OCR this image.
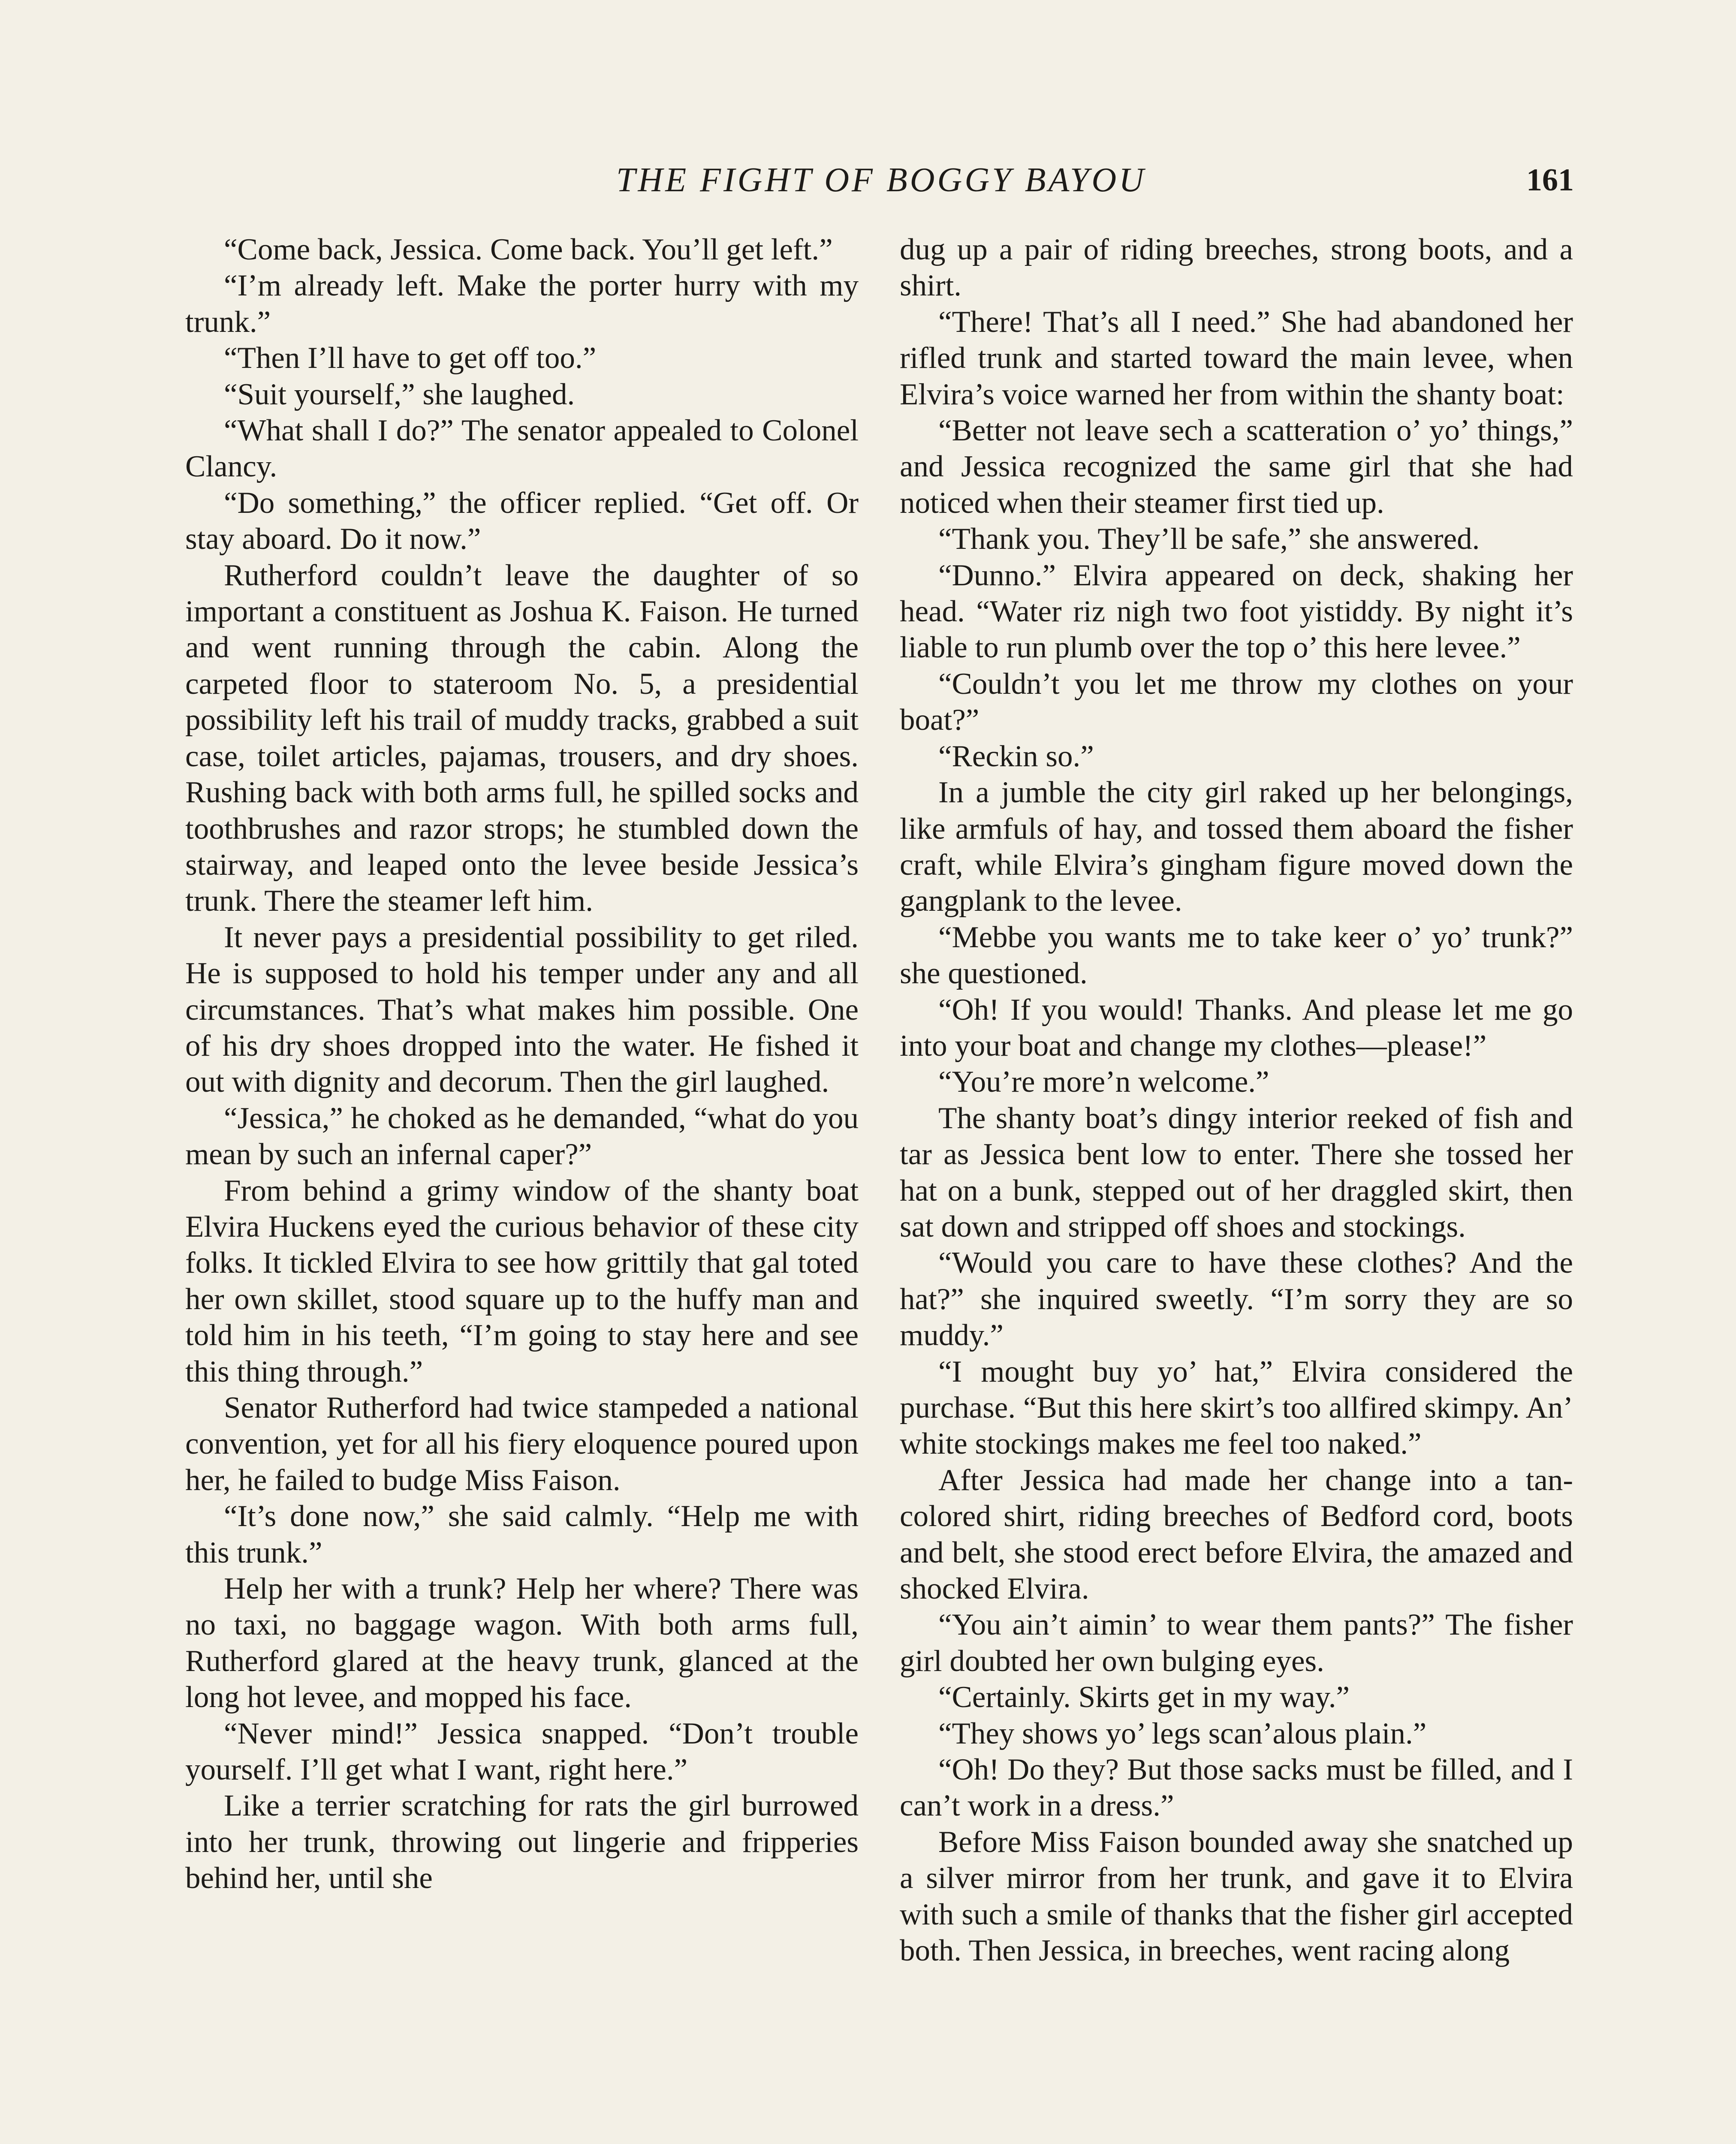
THE FIGHT OF BOGGY BAYOU	161

“Come back, Jessica. Come back. You’ll get left.”

“I’m already left. Make the porter hurry with my trunk.”

“Then I’ll have to get off too.”

“Suit yourself,” she laughed.

“What shall I do?” The senator appealed to Colonel Clancy.

“Do something,” the officer replied. “Get off. Or stay aboard. Do it now.”

Rutherford couldn’t leave the daughter of so important a constituent as Joshua K. Faison. He turned and went running through the cabin. Along the carpeted floor to stateroom No. 5, a presidential possibility left his trail of muddy tracks, grabbed a suit case, toilet articles, pajamas, trousers, and dry shoes. Rushing back with both arms full, he spilled socks and toothbrushes and razor strops; he stumbled down the stairway, and leaped onto the levee beside Jessica’s trunk. There the steamer left him.

It never pays a presidential possibility to get riled. He is supposed to hold his temper under any and all circumstances. That’s what makes him possible. One of his dry shoes dropped into the water. He fished it out with dignity and decorum. Then the girl laughed.

“Jessica,” he choked as he demanded, “what do you mean by such an infernal caper?”

From behind a grimy window of the shanty boat Elvira Huckens eyed the curious behavior of these city folks. It tickled Elvira to see how grittily that gal toted her own skillet, stood square up to the huffy man and told him in his teeth, “I’m going to stay here and see this thing through.”

Senator Rutherford had twice stampeded a national convention, yet for all his fiery eloquence poured upon her, he failed to budge Miss Faison.

“It’s done now,” she said calmly. “Help me with this trunk.”

Help her with a trunk? Help her where? There was no taxi, no baggage wagon. With both arms full, Rutherford glared at the heavy trunk, glanced at the long hot levee, and mopped his face.

“Never mind!” Jessica snapped. “Don’t trouble yourself. I’ll get what I want, right here.”

Like a terrier scratching for rats the girl burrowed into her trunk, throwing out lingerie and fripperies behind her, until she

dug up a pair of riding breeches, strong boots, and a shirt.

“There! That’s all I need.” She had abandoned her rifled trunk and started toward the main levee, when Elvira’s voice warned her from within the shanty boat:

“Better not leave sech a scatteration o’ yo’ things,” and Jessica recognized the same girl that she had noticed when their steamer first tied up.

“Thank you. They’ll be safe,” she answered.

“Dunno.” Elvira appeared on deck, shaking her head. “Water riz nigh two foot yistiddy. By night it’s liable to run plumb over the top o’ this here levee.”

“Couldn’t you let me throw my clothes on your boat?”

“Reckin so.”

In a jumble the city girl raked up her belongings, like armfuls of hay, and tossed them aboard the fisher craft, while Elvira’s gingham figure moved down the gangplank to the levee.

“Mebbe you wants me to take keer o’ yo’ trunk?” she questioned.

“Oh! If you would! Thanks. And please let me go into your boat and change my clothes—please!”

“You’re more’n welcome.”

The shanty boat’s dingy interior reeked of fish and tar as Jessica bent low to enter. There she tossed her hat on a bunk, stepped out of her draggled skirt, then sat down and stripped off shoes and stockings.

“Would you care to have these clothes? And the hat?” she inquired sweetly. “I’m sorry they are so muddy.”

“I mought buy yo’ hat,” Elvira considered the purchase. “But this here skirt’s too allfired skimpy. An’ white stockings makes me feel too naked.”

After Jessica had made her change into a tan-colored shirt, riding breeches of Bedford cord, boots and belt, she stood erect before Elvira, the amazed and shocked Elvira.

“You ain’t aimin’ to wear them pants?” The fisher girl doubted her own bulging eyes.

“Certainly. Skirts get in my way.”

“They shows yo’ legs scan’alous plain.”

“Oh! Do they? But those sacks must be filled, and I can’t work in a dress.”

Before Miss Faison bounded away she snatched up a silver mirror from her trunk, and gave it to Elvira with such a smile of thanks that the fisher girl accepted both. Then Jessica, in breeches, went racing along
